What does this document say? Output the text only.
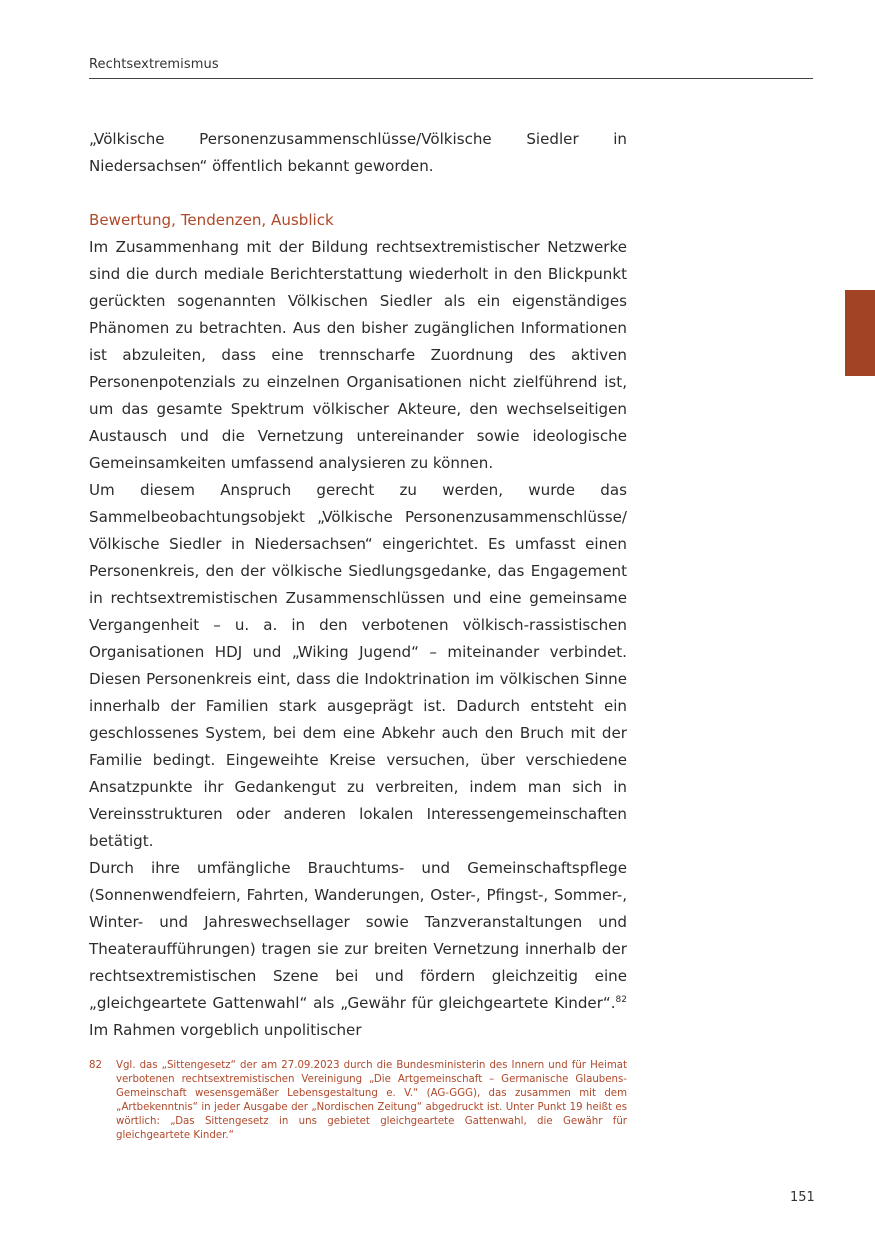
Rechtsextremismus

„Völkische Personenzusammenschlüsse/Völkische Siedler in Niedersachsen“ öffentlich bekannt geworden.

Bewertung, Tendenzen, Ausblick

Im Zusammenhang mit der Bildung rechtsextremistischer Netzwerke sind die durch mediale Berichterstattung wiederholt in den Blickpunkt gerückten sogenannten Völkischen Siedler als ein eigenständiges Phänomen zu betrachten. Aus den bisher zugänglichen Informationen ist abzuleiten, dass eine trennscharfe Zuordnung des aktiven Personenpotenzials zu einzelnen Organisationen nicht zielführend ist, um das gesamte Spektrum völkischer Akteure, den wechselseitigen Austausch und die Vernetzung untereinander sowie ideologische Gemeinsamkeiten umfassend analysieren zu können.

Um diesem Anspruch gerecht zu werden, wurde das Sammelbeobachtungsobjekt „Völkische Personenzusammenschlüsse/ Völkische Siedler in Niedersachsen“ eingerichtet. Es umfasst einen Personenkreis, den der völkische Siedlungsgedanke, das Engagement in rechtsextremistischen Zusammenschlüssen und eine gemeinsame Vergangenheit – u. a. in den verbotenen völkisch-rassistischen Organisationen HDJ und „Wiking Jugend“ – miteinander verbindet. Diesen Personenkreis eint, dass die Indoktrination im völkischen Sinne innerhalb der Familien stark ausgeprägt ist. Dadurch entsteht ein geschlossenes System, bei dem eine Abkehr auch den Bruch mit der Familie bedingt. Eingeweihte Kreise versuchen, über verschiedene Ansatzpunkte ihr Gedankengut zu verbreiten, indem man sich in Vereinsstrukturen oder anderen lokalen Interessengemeinschaften betätigt.

Durch ihre umfängliche Brauchtums- und Gemeinschaftspflege (Sonnenwendfeiern, Fahrten, Wanderungen, Oster-, Pfingst-, Sommer-, Winter- und Jahreswechsellager sowie Tanzveranstaltungen und Theateraufführungen) tragen sie zur breiten Vernetzung innerhalb der rechtsextremistischen Szene bei und fördern gleichzeitig eine „gleichgeartete Gattenwahl“ als „Gewähr für gleichgeartete Kinder“.$^{82}$ Im Rahmen vorgeblich unpolitischer

82 Vgl. das „Sittengesetz“ der am 27.09.2023 durch die Bundesministerin des Innern und für Heimat verbotenen rechtsextremistischen Vereinigung „Die Artgemeinschaft – Germanische Glaubens-Gemeinschaft wesensgemäßer Lebensgestaltung e. V.“ (AG-GGG), das zusammen mit dem „Artbekenntnis“ in jeder Ausgabe der „Nordischen Zeitung“ abgedruckt ist. Unter Punkt 19 heißt es wörtlich: „Das Sittengesetz in uns gebietet gleichgeartete Gattenwahl, die Gewähr für gleichgeartete Kinder.“

151
